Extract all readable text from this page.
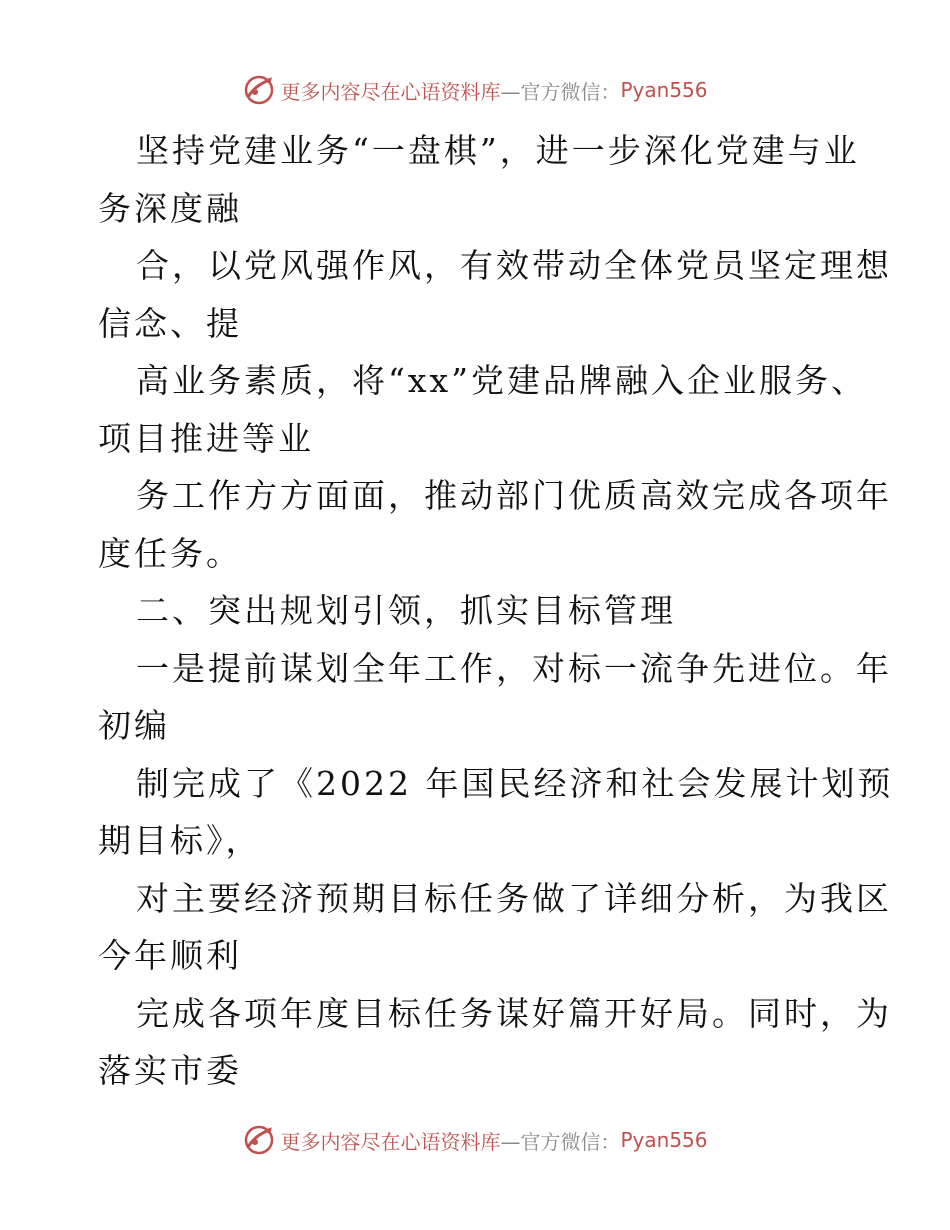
更多内容尽在心语资料库 —官方微信： Pyan556
坚持党建业务“一盘棋”，进一步深化党建与业
务深度融
合，以党风强作风，有效带动全体党员坚定理想
信念、提
高业务素质，将“xx”党建品牌融入企业服务、
项目推进等业
务工作方方面面，推动部门优质高效完成各项年
度任务。
二、突出规划引领，抓实目标管理
一是提前谋划全年工作，对标一流争先进位。年
初编
制完成了《2022 年国民经济和社会发展计划预
期目标》，
对主要经济预期目标任务做了详细分析，为我区
今年顺利
完成各项年度目标任务谋好篇开好局。同时，为
落实市委
更多内容尽在心语资料库 —官方微信： Pyan556
